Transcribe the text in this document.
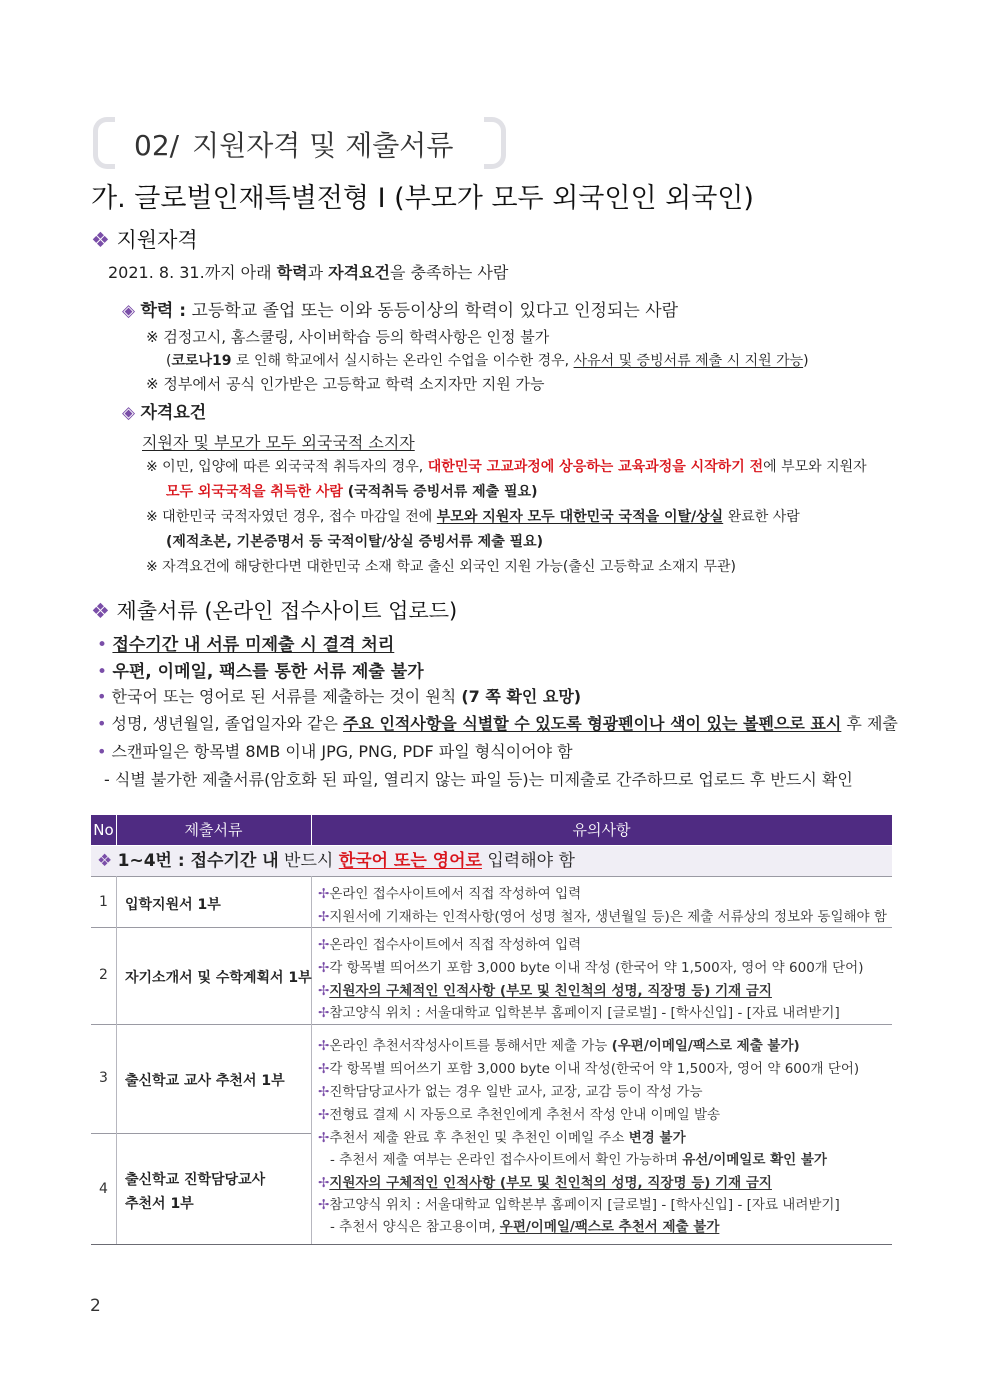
02/ 지원자격 및 제출서류
가. 글로벌인재특별전형 I (부모가 모두 외국인인 외국인)
❖ 지원자격
2021. 8. 31.까지 아래 학력과 자격요건을 충족하는 사람
◈ 학력 : 고등학교 졸업 또는 이와 동등이상의 학력이 있다고 인정되는 사람
※ 검정고시, 홈스쿨링, 사이버학습 등의 학력사항은 인정 불가
(코로나19 로 인해 학교에서 실시하는 온라인 수업을 이수한 경우, 사유서 및 증빙서류 제출 시 지원 가능)
※ 정부에서 공식 인가받은 고등학교 학력 소지자만 지원 가능
◈ 자격요건
지원자 및 부모가 모두 외국국적 소지자
※ 이민, 입양에 따른 외국국적 취득자의 경우, 대한민국 고교과정에 상응하는 교육과정을 시작하기 전에 부모와 지원자
모두 외국국적을 취득한 사람 (국적취득 증빙서류 제출 필요)
※ 대한민국 국적자였던 경우, 접수 마감일 전에 부모와 지원자 모두 대한민국 국적을 이탈/상실 완료한 사람
(제적초본, 기본증명서 등 국적이탈/상실 증빙서류 제출 필요)
※ 자격요건에 해당한다면 대한민국 소재 학교 출신 외국인 지원 가능(출신 고등학교 소재지 무관)
❖ 제출서류 (온라인 접수사이트 업로드)
• 접수기간 내 서류 미제출 시 결격 처리
• 우편, 이메일, 팩스를 통한 서류 제출 불가
• 한국어 또는 영어로 된 서류를 제출하는 것이 원칙 (7 쪽 확인 요망)
• 성명, 생년월일, 졸업일자와 같은 주요 인적사항을 식별할 수 있도록 형광펜이나 색이 있는 볼펜으로 표시 후 제출
• 스캔파일은 항목별 8MB 이내 JPG, PNG, PDF 파일 형식이어야 함
- 식별 불가한 제출서류(암호화 된 파일, 열리지 않는 파일 등)는 미제출로 간주하므로 업로드 후 반드시 확인
No	제출서류	유의사항
❖ 1~4번 : 접수기간 내 반드시 한국어 또는 영어로 입력해야 함
1 입학지원서 1부
✢온라인 접수사이트에서 직접 작성하여 입력
✢지원서에 기재하는 인적사항(영어 성명 철자, 생년월일 등)은 제출 서류상의 정보와 동일해야 함
2 자기소개서 및 수학계획서 1부
✢온라인 접수사이트에서 직접 작성하여 입력
✢각 항목별 띄어쓰기 포함 3,000 byte 이내 작성 (한국어 약 1,500자, 영어 약 600개 단어)
✢지원자의 구체적인 인적사항 (부모 및 친인척의 성명, 직장명 등) 기재 금지
✢참고양식 위치 : 서울대학교 입학본부 홈페이지 [글로벌] - [학사신입] - [자료 내려받기]
3 출신학교 교사 추천서 1부
4
출신학교 진학담당교사
추천서 1부
✢온라인 추천서작성사이트를 통해서만 제출 가능 (우편/이메일/팩스로 제출 불가)
✢각 항목별 띄어쓰기 포함 3,000 byte 이내 작성(한국어 약 1,500자, 영어 약 600개 단어)
✢진학담당교사가 없는 경우 일반 교사, 교장, 교감 등이 작성 가능
✢전형료 결제 시 자동으로 추천인에게 추천서 작성 안내 이메일 발송
✢추천서 제출 완료 후 추천인 및 추천인 이메일 주소 변경 불가
- 추천서 제출 여부는 온라인 접수사이트에서 확인 가능하며 유선/이메일로 확인 불가
✢지원자의 구체적인 인적사항 (부모 및 친인척의 성명, 직장명 등) 기재 금지
✢참고양식 위치 : 서울대학교 입학본부 홈페이지 [글로벌] - [학사신입] - [자료 내려받기]
- 추천서 양식은 참고용이며, 우편/이메일/팩스로 추천서 제출 불가
2
